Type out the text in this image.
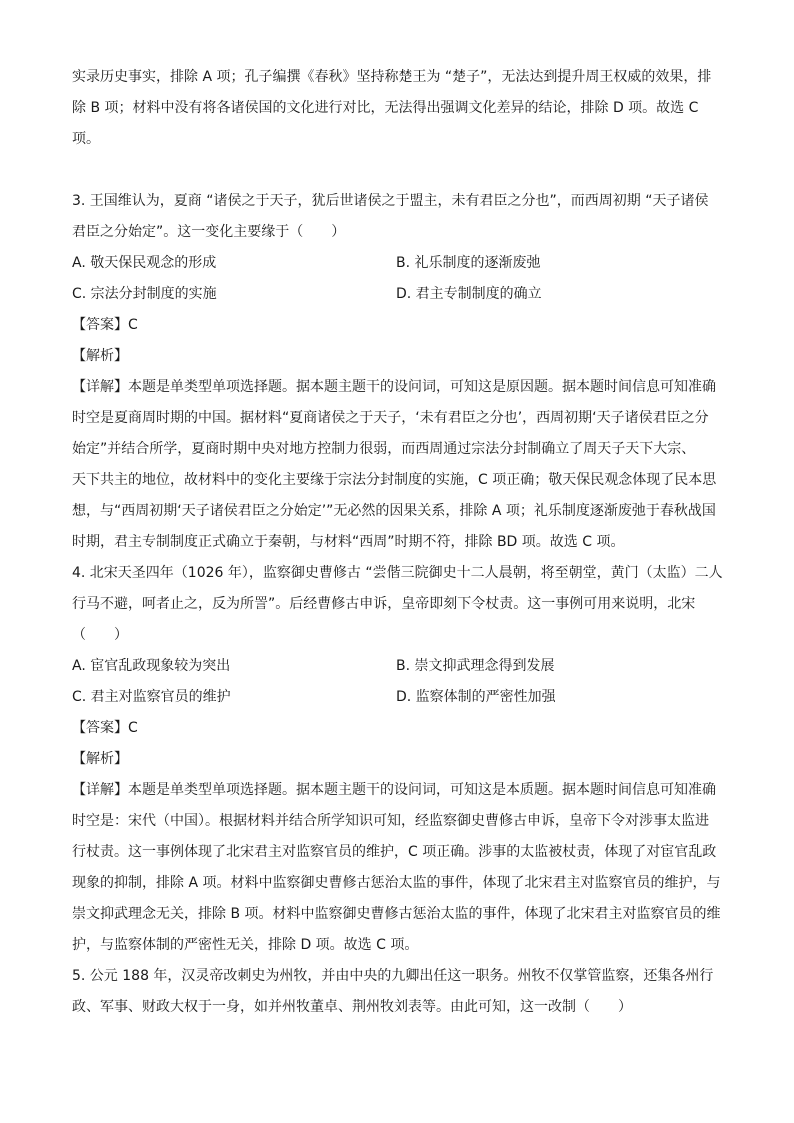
实录历史事实，排除 A 项；孔子编撰《春秋》坚持称楚王为 “楚子”，无法达到提升周王权威的效果，排
除 B 项；材料中没有将各诸侯国的文化进行对比，无法得出强调文化差异的结论，排除 D 项。故选 C
项。
3. 王国维认为，夏商 “诸侯之于天子，犹后世诸侯之于盟主，未有君臣之分也”，而西周初期 “天子诸侯
君臣之分始定”。这一变化主要缘于（　　）
A. 敬天保民观念的形成	B. 礼乐制度的逐渐废弛
C. 宗法分封制度的实施	D. 君主专制制度的确立
【答案】C
【解析】
【详解】本题是单类型单项选择题。据本题主题干的设问词，可知这是原因题。据本题时间信息可知准确
时空是夏商周时期的中国。据材料“夏商诸侯之于天子，‘未有君臣之分也’，西周初期‘天子诸侯君臣之分
始定”并结合所学，夏商时期中央对地方控制力很弱，而西周通过宗法分封制确立了周天子天下大宗、
天下共主的地位，故材料中的变化主要缘于宗法分封制度的实施，C 项正确；敬天保民观念体现了民本思
想，与“西周初期‘天子诸侯君臣之分始定’”无必然的因果关系，排除 A 项；礼乐制度逐渐废弛于春秋战国
时期，君主专制制度正式确立于秦朝，与材料“西周”时期不符，排除 BD 项。故选 C 项。
4. 北宋天圣四年（1026 年），监察御史曹修古 “尝偕三院御史十二人晨朝，将至朝堂，黄门（太监）二人
行马不避，呵者止之，反为所詈”。后经曹修古申诉，皇帝即刻下令杖责。这一事例可用来说明，北宋
（　　）
A. 宦官乱政现象较为突出	B. 崇文抑武理念得到发展
C. 君主对监察官员的维护	D. 监察体制的严密性加强
【答案】C
【解析】
【详解】本题是单类型单项选择题。据本题主题干的设问词，可知这是本质题。据本题时间信息可知准确
时空是：宋代（中国）。根据材料并结合所学知识可知，经监察御史曹修古申诉，皇帝下令对涉事太监进
行杖责。这一事例体现了北宋君主对监察官员的维护，C 项正确。涉事的太监被杖责，体现了对宦官乱政
现象的抑制，排除 A 项。材料中监察御史曹修古惩治太监的事件，体现了北宋君主对监察官员的维护，与
崇文抑武理念无关，排除 B 项。材料中监察御史曹修古惩治太监的事件，体现了北宋君主对监察官员的维
护，与监察体制的严密性无关，排除 D 项。故选 C 项。
5. 公元 188 年，汉灵帝改刺史为州牧，并由中央的九卿出任这一职务。州牧不仅掌管监察，还集各州行
政、军事、财政大权于一身，如并州牧董卓、荆州牧刘表等。由此可知，这一改制（　　）
